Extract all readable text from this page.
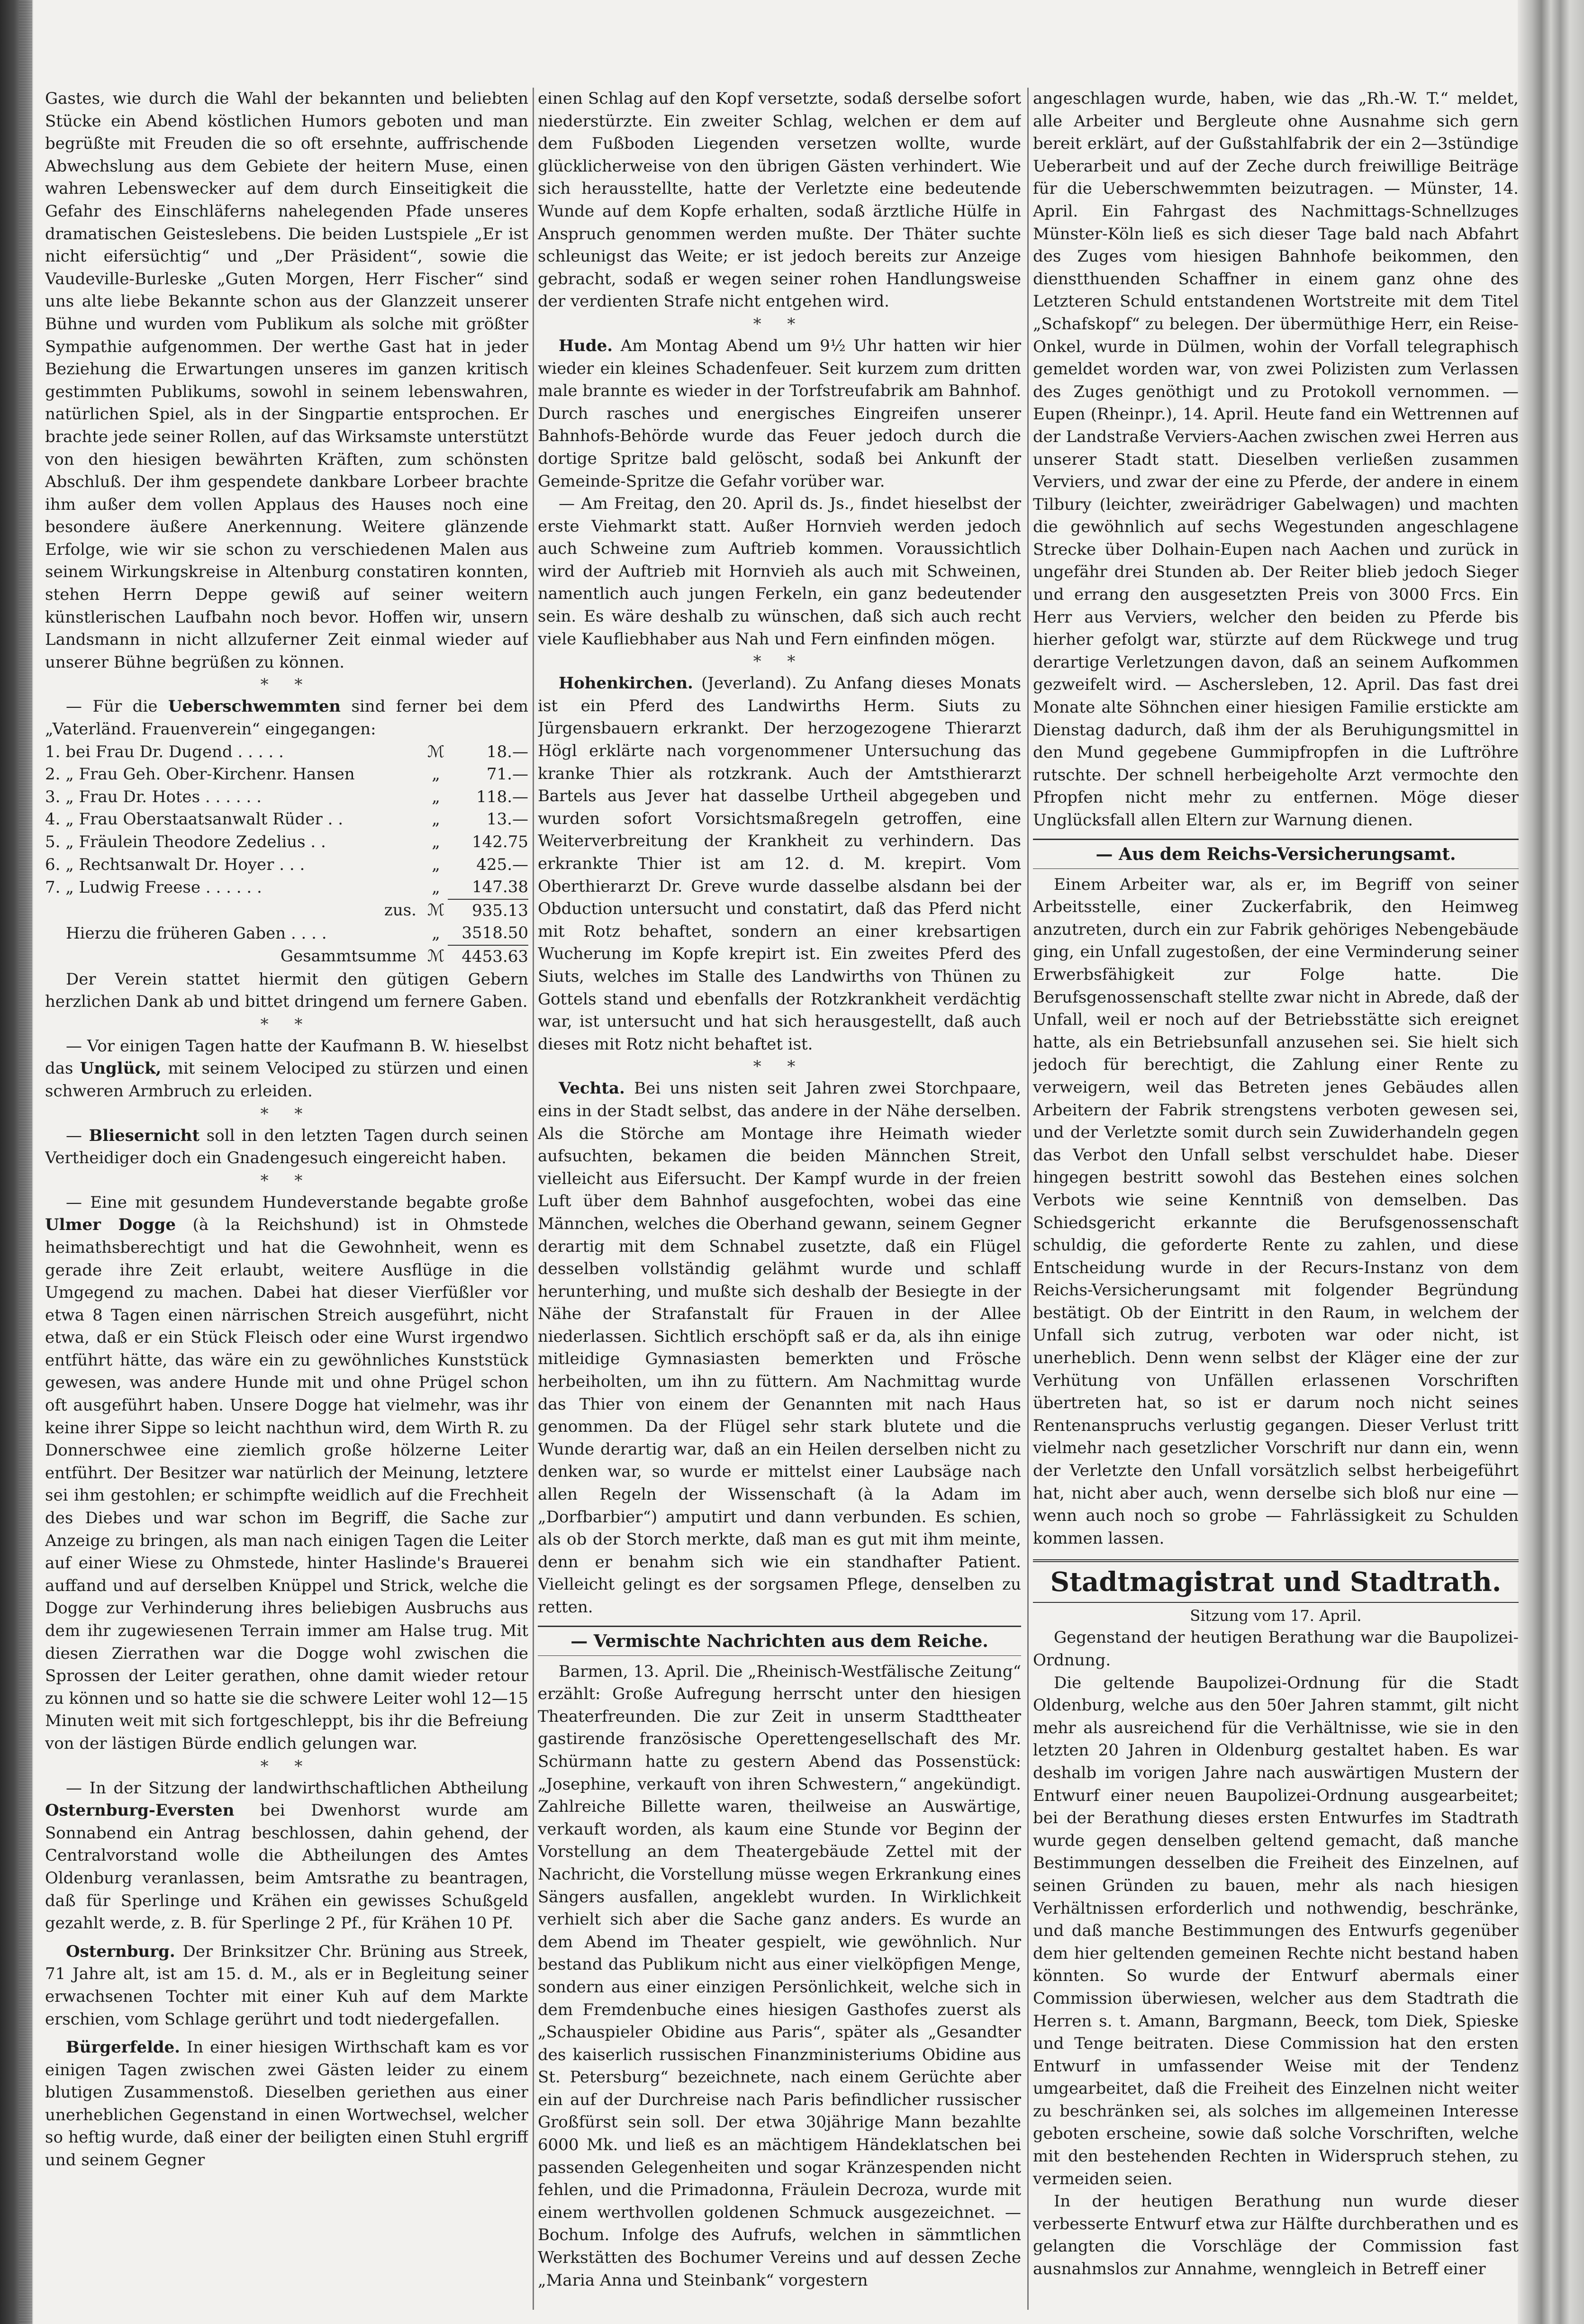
Gastes, wie durch die Wahl der bekannten und beliebten Stücke ein Abend köstlichen Humors geboten und man begrüßte mit Freuden die so oft ersehnte, auffrischende Abwechslung aus dem Gebiete der heitern Muse, einen wahren Lebenswecker auf dem durch Einseitigkeit die Gefahr des Einschläferns nahelegenden Pfade unseres dramatischen Geisteslebens. Die beiden Lustspiele „Er ist nicht eifersüchtig“ und „Der Präsident“, sowie die Vaudeville-Burleske „Guten Morgen, Herr Fischer“ sind uns alte liebe Bekannte schon aus der Glanzzeit unserer Bühne und wurden vom Publikum als solche mit größter Sympathie aufgenommen. Der werthe Gast hat in jeder Beziehung die Erwartungen unseres im ganzen kritisch gestimmten Publikums, sowohl in seinem lebenswahren, natürlichen Spiel, als in der Singpartie entsprochen. Er brachte jede seiner Rollen, auf das Wirksamste unterstützt von den hiesigen bewährten Kräften, zum schönsten Abschluß. Der ihm gespendete dankbare Lorbeer brachte ihm außer dem vollen Applaus des Hauses noch eine besondere äußere Anerkennung. Weitere glänzende Erfolge, wie wir sie schon zu verschiedenen Malen aus seinem Wirkungskreise in Altenburg constatiren konnten, stehen Herrn Deppe gewiß auf seiner weitern künstlerischen Laufbahn noch bevor. Hoffen wir, unsern Landsmann in nicht allzuferner Zeit einmal wieder auf unserer Bühne begrüßen zu können.

* *

— Für die Ueberschwemmten sind ferner bei dem „Vaterländ. Frauenverein“ eingegangen:

1. bei Frau Dr. Dugend . . . . .	ℳ	18.—
2. „ Frau Geh. Ober-Kirchenr. Hansen	„	71.—
3. „ Frau Dr. Hotes . . . . . .	„	118.—
4. „ Frau Oberstaatsanwalt Rüder . .	„	13.—
5. „ Fräulein Theodore Zedelius . .	„	142.75
6. „ Rechtsanwalt Dr. Hoyer . . .	„	425.—
7. „ Ludwig Freese . . . . . .	„	147.38
zus.	ℳ	935.13
Hierzu die früheren Gaben . . . .	„	3518.50
Gesammtsumme	ℳ	4453.63

Der Verein stattet hiermit den gütigen Gebern herzlichen Dank ab und bittet dringend um fernere Gaben.

* *

— Vor einigen Tagen hatte der Kaufmann B. W. hieselbst das Unglück, mit seinem Velociped zu stürzen und einen schweren Armbruch zu erleiden.

* *

— Bliesernicht soll in den letzten Tagen durch seinen Vertheidiger doch ein Gnadengesuch eingereicht haben.

* *

— Eine mit gesundem Hundeverstande begabte große Ulmer Dogge (à la Reichshund) ist in Ohmstede heimathsberechtigt und hat die Gewohnheit, wenn es gerade ihre Zeit erlaubt, weitere Ausflüge in die Umgegend zu machen. Dabei hat dieser Vierfüßler vor etwa 8 Tagen einen närrischen Streich ausgeführt, nicht etwa, daß er ein Stück Fleisch oder eine Wurst irgendwo entführt hätte, das wäre ein zu gewöhnliches Kunststück gewesen, was andere Hunde mit und ohne Prügel schon oft ausgeführt haben. Unsere Dogge hat vielmehr, was ihr keine ihrer Sippe so leicht nachthun wird, dem Wirth R. zu Donnerschwee eine ziemlich große hölzerne Leiter entführt. Der Besitzer war natürlich der Meinung, letztere sei ihm gestohlen; er schimpfte weidlich auf die Frechheit des Diebes und war schon im Begriff, die Sache zur Anzeige zu bringen, als man nach einigen Tagen die Leiter auf einer Wiese zu Ohmstede, hinter Haslinde's Brauerei auffand und auf derselben Knüppel und Strick, welche die Dogge zur Verhinderung ihres beliebigen Ausbruchs aus dem ihr zugewiesenen Terrain immer am Halse trug. Mit diesen Zierrathen war die Dogge wohl zwischen die Sprossen der Leiter gerathen, ohne damit wieder retour zu können und so hatte sie die schwere Leiter wohl 12—15 Minuten weit mit sich fortgeschleppt, bis ihr die Befreiung von der lästigen Bürde endlich gelungen war.

* *

— In der Sitzung der landwirthschaftlichen Abtheilung Osternburg-Eversten bei Dwenhorst wurde am Sonnabend ein Antrag beschlossen, dahin gehend, der Centralvorstand wolle die Abtheilungen des Amtes Oldenburg veranlassen, beim Amtsrathe zu beantragen, daß für Sperlinge und Krähen ein gewisses Schußgeld gezahlt werde, z. B. für Sperlinge 2 Pf., für Krähen 10 Pf.

Osternburg. Der Brinksitzer Chr. Brüning aus Streek, 71 Jahre alt, ist am 15. d. M., als er in Begleitung seiner erwachsenen Tochter mit einer Kuh auf dem Markte erschien, vom Schlage gerührt und todt niedergefallen.

Bürgerfelde. In einer hiesigen Wirthschaft kam es vor einigen Tagen zwischen zwei Gästen leider zu einem blutigen Zusammenstoß. Dieselben geriethen aus einer unerheblichen Gegenstand in einen Wortwechsel, welcher so heftig wurde, daß einer der beiligten einen Stuhl ergriff und seinem Gegner

einen Schlag auf den Kopf versetzte, sodaß derselbe sofort niederstürzte. Ein zweiter Schlag, welchen er dem auf dem Fußboden Liegenden versetzen wollte, wurde glücklicherweise von den übrigen Gästen verhindert. Wie sich herausstellte, hatte der Verletzte eine bedeutende Wunde auf dem Kopfe erhalten, sodaß ärztliche Hülfe in Anspruch genommen werden mußte. Der Thäter suchte schleunigst das Weite; er ist jedoch bereits zur Anzeige gebracht, sodaß er wegen seiner rohen Handlungsweise der verdienten Strafe nicht entgehen wird.

* *

Hude. Am Montag Abend um 9½ Uhr hatten wir hier wieder ein kleines Schadenfeuer. Seit kurzem zum dritten male brannte es wieder in der Torfstreufabrik am Bahnhof. Durch rasches und energisches Eingreifen unserer Bahnhofs-Behörde wurde das Feuer jedoch durch die dortige Spritze bald gelöscht, sodaß bei Ankunft der Gemeinde-Spritze die Gefahr vorüber war.

— Am Freitag, den 20. April ds. Js., findet hieselbst der erste Viehmarkt statt. Außer Hornvieh werden jedoch auch Schweine zum Auftrieb kommen. Voraussichtlich wird der Auftrieb mit Hornvieh als auch mit Schweinen, namentlich auch jungen Ferkeln, ein ganz bedeutender sein. Es wäre deshalb zu wünschen, daß sich auch recht viele Kaufliebhaber aus Nah und Fern einfinden mögen.

* *

Hohenkirchen. (Jeverland). Zu Anfang dieses Monats ist ein Pferd des Landwirths Herm. Siuts zu Jürgensbauern erkrankt. Der herzogezogene Thierarzt Högl erklärte nach vorgenommener Untersuchung das kranke Thier als rotzkrank. Auch der Amtsthierarzt Bartels aus Jever hat dasselbe Urtheil abgegeben und wurden sofort Vorsichtsmaßregeln getroffen, eine Weiterverbreitung der Krankheit zu verhindern. Das erkrankte Thier ist am 12. d. M. krepirt. Vom Oberthierarzt Dr. Greve wurde dasselbe alsdann bei der Obduction untersucht und constatirt, daß das Pferd nicht mit Rotz behaftet, sondern an einer krebsartigen Wucherung im Kopfe krepirt ist. Ein zweites Pferd des Siuts, welches im Stalle des Landwirths von Thünen zu Gottels stand und ebenfalls der Rotzkrankheit verdächtig war, ist untersucht und hat sich herausgestellt, daß auch dieses mit Rotz nicht behaftet ist.

* *

Vechta. Bei uns nisten seit Jahren zwei Storchpaare, eins in der Stadt selbst, das andere in der Nähe derselben. Als die Störche am Montage ihre Heimath wieder aufsuchten, bekamen die beiden Männchen Streit, vielleicht aus Eifersucht. Der Kampf wurde in der freien Luft über dem Bahnhof ausgefochten, wobei das eine Männchen, welches die Oberhand gewann, seinem Gegner derartig mit dem Schnabel zusetzte, daß ein Flügel desselben vollständig gelähmt wurde und schlaff herunterhing, und mußte sich deshalb der Besiegte in der Nähe der Strafanstalt für Frauen in der Allee niederlassen. Sichtlich erschöpft saß er da, als ihn einige mitleidige Gymnasiasten bemerkten und Frösche herbeiholten, um ihn zu füttern. Am Nachmittag wurde das Thier von einem der Genannten mit nach Haus genommen. Da der Flügel sehr stark blutete und die Wunde derartig war, daß an ein Heilen derselben nicht zu denken war, so wurde er mittelst einer Laubsäge nach allen Regeln der Wissenschaft (à la Adam im „Dorfbarbier“) amputirt und dann verbunden. Es schien, als ob der Storch merkte, daß man es gut mit ihm meinte, denn er benahm sich wie ein standhafter Patient. Vielleicht gelingt es der sorgsamen Pflege, denselben zu retten.

— Vermischte Nachrichten aus dem Reiche.

Barmen, 13. April. Die „Rheinisch-Westfälische Zeitung“ erzählt: Große Aufregung herrscht unter den hiesigen Theaterfreunden. Die zur Zeit in unserm Stadttheater gastirende französische Operettengesellschaft des Mr. Schürmann hatte zu gestern Abend das Possenstück: „Josephine, verkauft von ihren Schwestern,“ angekündigt. Zahlreiche Billette waren, theilweise an Auswärtige, verkauft worden, als kaum eine Stunde vor Beginn der Vorstellung an dem Theatergebäude Zettel mit der Nachricht, die Vorstellung müsse wegen Erkrankung eines Sängers ausfallen, angeklebt wurden. In Wirklichkeit verhielt sich aber die Sache ganz anders. Es wurde an dem Abend im Theater gespielt, wie gewöhnlich. Nur bestand das Publikum nicht aus einer vielköpfigen Menge, sondern aus einer einzigen Persönlichkeit, welche sich in dem Fremdenbuche eines hiesigen Gasthofes zuerst als „Schauspieler Obidine aus Paris“, später als „Gesandter des kaiserlich russischen Finanzministeriums Obidine aus St. Petersburg“ bezeichnete, nach einem Gerüchte aber ein auf der Durchreise nach Paris befindlicher russischer Großfürst sein soll. Der etwa 30jährige Mann bezahlte 6000 Mk. und ließ es an mächtigem Händeklatschen bei passenden Gelegenheiten und sogar Kränzespenden nicht fehlen, und die Primadonna, Fräulein Decroza, wurde mit einem werthvollen goldenen Schmuck ausgezeichnet. — Bochum. Infolge des Aufrufs, welchen in sämmtlichen Werkstätten des Bochumer Vereins und auf dessen Zeche „Maria Anna und Steinbank“ vorgestern

angeschlagen wurde, haben, wie das „Rh.-W. T.“ meldet, alle Arbeiter und Bergleute ohne Ausnahme sich gern bereit erklärt, auf der Gußstahlfabrik der ein 2—3stündige Ueberarbeit und auf der Zeche durch freiwillige Beiträge für die Ueberschwemmten beizutragen. — Münster, 14. April. Ein Fahrgast des Nachmittags-Schnellzuges Münster-Köln ließ es sich dieser Tage bald nach Abfahrt des Zuges vom hiesigen Bahnhofe beikommen, den dienstthuenden Schaffner in einem ganz ohne des Letzteren Schuld entstandenen Wortstreite mit dem Titel „Schafskopf“ zu belegen. Der übermüthige Herr, ein Reise-Onkel, wurde in Dülmen, wohin der Vorfall telegraphisch gemeldet worden war, von zwei Polizisten zum Verlassen des Zuges genöthigt und zu Protokoll vernommen. — Eupen (Rheinpr.), 14. April. Heute fand ein Wettrennen auf der Landstraße Verviers-Aachen zwischen zwei Herren aus unserer Stadt statt. Dieselben verließen zusammen Verviers, und zwar der eine zu Pferde, der andere in einem Tilbury (leichter, zweirädriger Gabelwagen) und machten die gewöhnlich auf sechs Wegestunden angeschlagene Strecke über Dolhain-Eupen nach Aachen und zurück in ungefähr drei Stunden ab. Der Reiter blieb jedoch Sieger und errang den ausgesetzten Preis von 3000 Frcs. Ein Herr aus Verviers, welcher den beiden zu Pferde bis hierher gefolgt war, stürzte auf dem Rückwege und trug derartige Verletzungen davon, daß an seinem Aufkommen gezweifelt wird. — Aschersleben, 12. April. Das fast drei Monate alte Söhnchen einer hiesigen Familie erstickte am Dienstag dadurch, daß ihm der als Beruhigungsmittel in den Mund gegebene Gummipfropfen in die Luftröhre rutschte. Der schnell herbeigeholte Arzt vermochte den Pfropfen nicht mehr zu entfernen. Möge dieser Unglücksfall allen Eltern zur Warnung dienen.

— Aus dem Reichs-Versicherungsamt.

Einem Arbeiter war, als er, im Begriff von seiner Arbeitsstelle, einer Zuckerfabrik, den Heimweg anzutreten, durch ein zur Fabrik gehöriges Nebengebäude ging, ein Unfall zugestoßen, der eine Verminderung seiner Erwerbsfähigkeit zur Folge hatte. Die Berufsgenossenschaft stellte zwar nicht in Abrede, daß der Unfall, weil er noch auf der Betriebsstätte sich ereignet hatte, als ein Betriebsunfall anzusehen sei. Sie hielt sich jedoch für berechtigt, die Zahlung einer Rente zu verweigern, weil das Betreten jenes Gebäudes allen Arbeitern der Fabrik strengstens verboten gewesen sei, und der Verletzte somit durch sein Zuwiderhandeln gegen das Verbot den Unfall selbst verschuldet habe. Dieser hingegen bestritt sowohl das Bestehen eines solchen Verbots wie seine Kenntniß von demselben. Das Schiedsgericht erkannte die Berufsgenossenschaft schuldig, die geforderte Rente zu zahlen, und diese Entscheidung wurde in der Recurs-Instanz von dem Reichs-Versicherungsamt mit folgender Begründung bestätigt. Ob der Eintritt in den Raum, in welchem der Unfall sich zutrug, verboten war oder nicht, ist unerheblich. Denn wenn selbst der Kläger eine der zur Verhütung von Unfällen erlassenen Vorschriften übertreten hat, so ist er darum noch nicht seines Rentenanspruchs verlustig gegangen. Dieser Verlust tritt vielmehr nach gesetzlicher Vorschrift nur dann ein, wenn der Verletzte den Unfall vorsätzlich selbst herbeigeführt hat, nicht aber auch, wenn derselbe sich bloß nur eine — wenn auch noch so grobe — Fahrlässigkeit zu Schulden kommen lassen.

Stadtmagistrat und Stadtrath.
Sitzung vom 17. April.

Gegenstand der heutigen Berathung war die Baupolizei-Ordnung.

Die geltende Baupolizei-Ordnung für die Stadt Oldenburg, welche aus den 50er Jahren stammt, gilt nicht mehr als ausreichend für die Verhältnisse, wie sie in den letzten 20 Jahren in Oldenburg gestaltet haben. Es war deshalb im vorigen Jahre nach auswärtigen Mustern der Entwurf einer neuen Baupolizei-Ordnung ausgearbeitet; bei der Berathung dieses ersten Entwurfes im Stadtrath wurde gegen denselben geltend gemacht, daß manche Bestimmungen desselben die Freiheit des Einzelnen, auf seinen Gründen zu bauen, mehr als nach hiesigen Verhältnissen erforderlich und nothwendig, beschränke, und daß manche Bestimmungen des Entwurfs gegenüber dem hier geltenden gemeinen Rechte nicht bestand haben könnten. So wurde der Entwurf abermals einer Commission überwiesen, welcher aus dem Stadtrath die Herren s. t. Amann, Bargmann, Beeck, tom Diek, Spieske und Tenge beitraten. Diese Commission hat den ersten Entwurf in umfassender Weise mit der Tendenz umgearbeitet, daß die Freiheit des Einzelnen nicht weiter zu beschränken sei, als solches im allgemeinen Interesse geboten erscheine, sowie daß solche Vorschriften, welche mit den bestehenden Rechten in Widerspruch stehen, zu vermeiden seien.

In der heutigen Berathung nun wurde dieser verbesserte Entwurf etwa zur Hälfte durchberathen und es gelangten die Vorschläge der Commission fast ausnahmslos zur Annahme, wenngleich in Betreff einer
